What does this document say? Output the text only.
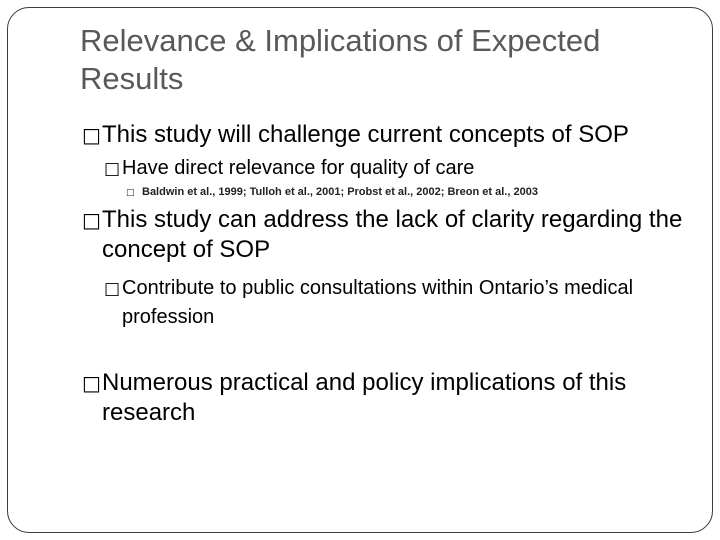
Relevance & Implications of Expected Results
□This study will challenge current concepts of SOP
□Have direct relevance for quality of care
□ Baldwin et al., 1999; Tulloh et al., 2001; Probst et al., 2002; Breon et al., 2003
□This study can address the lack of clarity regarding the concept of SOP
□Contribute to public consultations within Ontario’s medical profession
□Numerous practical and policy implications of this research
